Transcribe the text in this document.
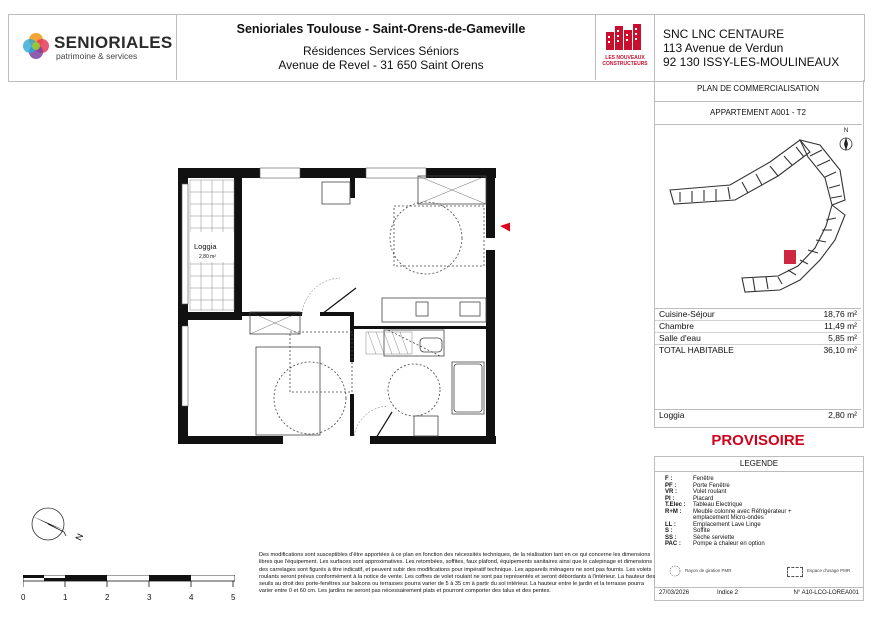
SENIORIALES
patrimoine & services
Senioriales Toulouse - Saint-Orens-de-Gameville
Résidences Services Séniors
Avenue de Revel - 31 650 Saint Orens	LES NOUVEAUX
CONSTRUCTEURS
SNC LNC CENTAURE
113 Avenue de Verdun
92 130 ISSY-LES-MOULINEAUX
PLAN DE COMMERCIALISATION
APPARTEMENT A001 - T2
N
Cuisine-Séjour	18,76 m²
Chambre	11,49 m²
Salle d'eau	5,85 m²
TOTAL HABITABLE	36,10 m²
Loggia	2,80 m²
PROVISOIRE
LEGENDE
F :	Fenêtre
PF :	Porte Fenêtre
VR :	Volet roulant
Pl :	Placard
T.Elec :	Tableau Electrique
R+M :	Meuble colonne avec Réfrigérateur + emplacement Micro-ondes
LL :	Emplacement Lave Linge
S :	Soffite
SS :	Sèche serviette
PAC :	Pompe à chaleur en option
Rayon de giration PMR	Espace d'usage PMR
27/03/2026	Indice 2	N° A10-LCO-LOREA001
Loggia
2,80 m²
N
0	1	2	3	4	5
Des modifications sont susceptibles d'être apportées à ce plan en fonction des nécessités techniques, de la réalisation tant en ce qui concerne les dimensions libres que l'équipement. Les surfaces sont approximatives. Les retombées, soffites, faux plafond, équipements sanitaires ainsi que le calepinage et dimensions des carrelages sont figurés à titre indicatif, et peuvent subir des modifications pour impératif technique. Les appareils ménagers ne sont pas fournis. Les volets roulants seront prévus conformément à la notice de vente. Les coffres de volet roulant ne sont pas représentés et seront débordants à l'intérieur. La hauteur des seuils au droit des porte-fenêtres sur balcons ou terrasses pourra varier de 5 à 35 cm à partir du sol intérieur. La hauteur entre le jardin et la terrasse pourra varier entre 0 et 60 cm. Les jardins ne seront pas nécessairement plats et pourront comporter des talus et des pentes.
